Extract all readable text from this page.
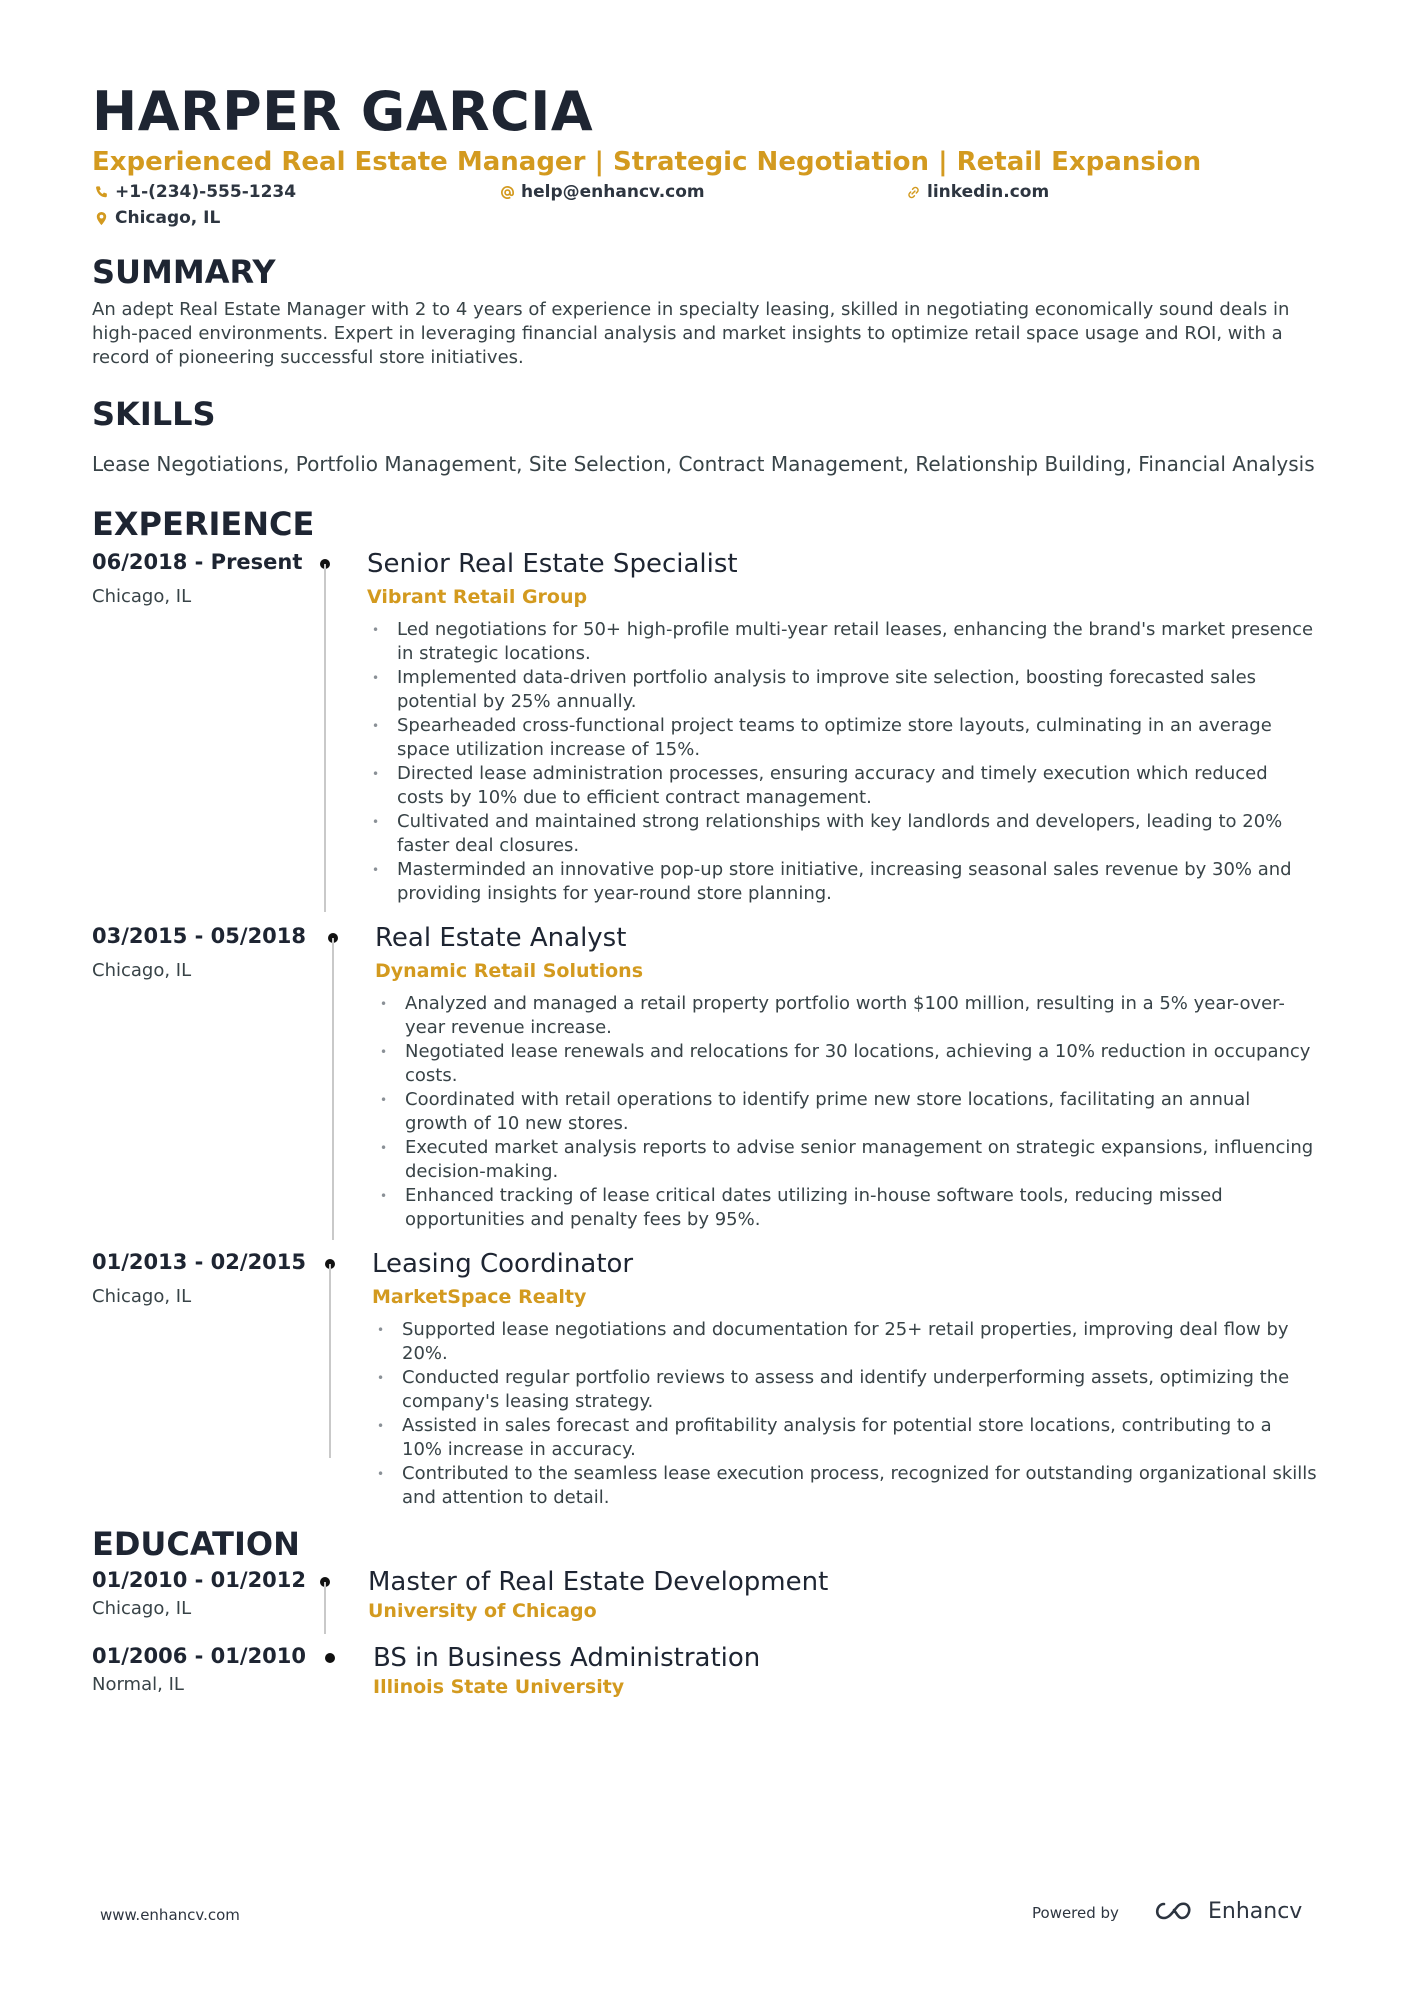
HARPER GARCIA
Experienced Real Estate Manager | Strategic Negotiation | Retail Expansion
+1-(234)-555-1234	help@enhancv.com	linkedin.com
Chicago, IL
SUMMARY
An adept Real Estate Manager with 2 to 4 years of experience in specialty leasing, skilled in negotiating economically sound deals in high-paced environments. Expert in leveraging financial analysis and market insights to optimize retail space usage and ROI, with a record of pioneering successful store initiatives.
SKILLS
Lease Negotiations, Portfolio Management, Site Selection, Contract Management, Relationship Building, Financial Analysis
EXPERIENCE
06/2018 - Present
Chicago, IL
Senior Real Estate Specialist
Vibrant Retail Group
• Led negotiations for 50+ high-profile multi-year retail leases, enhancing the brand's market presence in strategic locations.
• Implemented data-driven portfolio analysis to improve site selection, boosting forecasted sales potential by 25% annually.
• Spearheaded cross-functional project teams to optimize store layouts, culminating in an average space utilization increase of 15%.
• Directed lease administration processes, ensuring accuracy and timely execution which reduced costs by 10% due to efficient contract management.
• Cultivated and maintained strong relationships with key landlords and developers, leading to 20% faster deal closures.
• Masterminded an innovative pop-up store initiative, increasing seasonal sales revenue by 30% and providing insights for year-round store planning.
03/2015 - 05/2018
Chicago, IL
Real Estate Analyst
Dynamic Retail Solutions
• Analyzed and managed a retail property portfolio worth $100 million, resulting in a 5% year-over-year revenue increase.
• Negotiated lease renewals and relocations for 30 locations, achieving a 10% reduction in occupancy costs.
• Coordinated with retail operations to identify prime new store locations, facilitating an annual growth of 10 new stores.
• Executed market analysis reports to advise senior management on strategic expansions, influencing decision-making.
• Enhanced tracking of lease critical dates utilizing in-house software tools, reducing missed opportunities and penalty fees by 95%.
01/2013 - 02/2015
Chicago, IL
Leasing Coordinator
MarketSpace Realty
• Supported lease negotiations and documentation for 25+ retail properties, improving deal flow by 20%.
• Conducted regular portfolio reviews to assess and identify underperforming assets, optimizing the company's leasing strategy.
• Assisted in sales forecast and profitability analysis for potential store locations, contributing to a 10% increase in accuracy.
• Contributed to the seamless lease execution process, recognized for outstanding organizational skills and attention to detail.
EDUCATION
01/2010 - 01/2012
Chicago, IL
Master of Real Estate Development
University of Chicago
01/2006 - 01/2010
Normal, IL
BS in Business Administration
Illinois State University
www.enhancv.com	Powered by	Enhancv
